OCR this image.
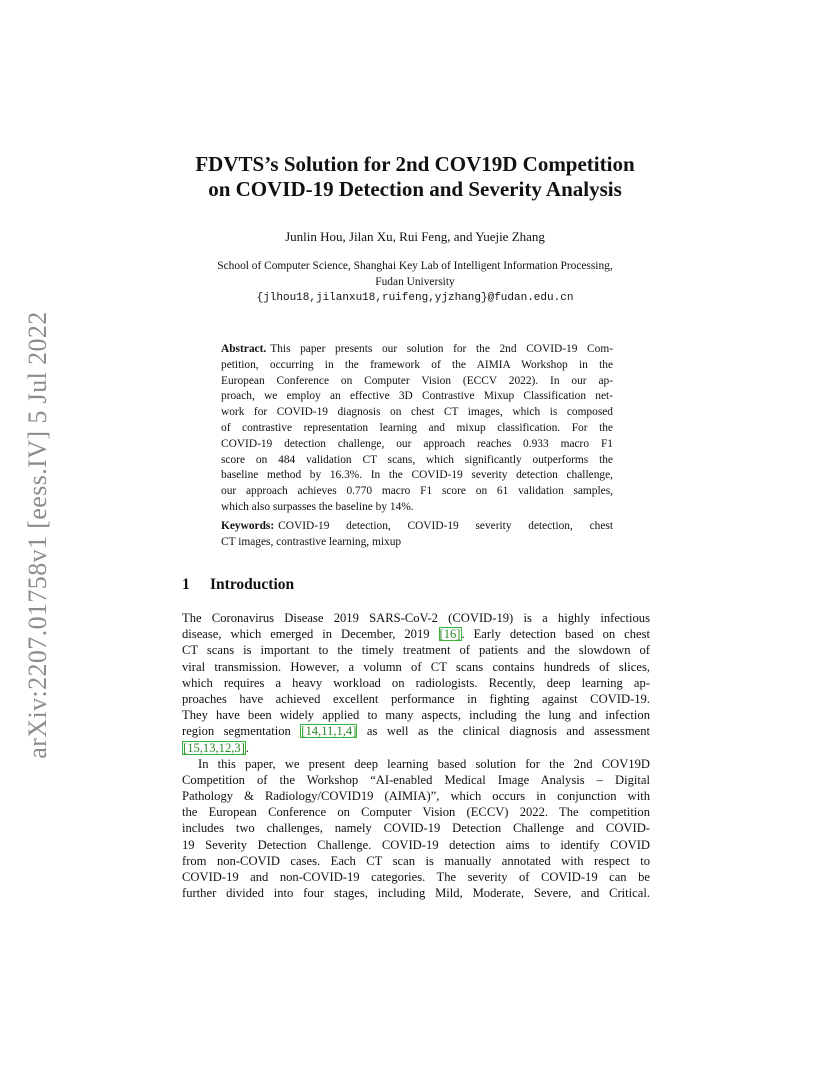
arXiv:2207.01758v1 [eess.IV] 5 Jul 2022
FDVTS’s Solution for 2nd COV19D Competition
on COVID-19 Detection and Severity Analysis
Junlin Hou, Jilan Xu, Rui Feng, and Yuejie Zhang
School of Computer Science, Shanghai Key Lab of Intelligent Information Processing,
Fudan University
{jlhou18,jilanxu18,ruifeng,yjzhang}@fudan.edu.cn
Abstract. This paper presents our solution for the 2nd COVID-19 Com-
petition, occurring in the framework of the AIMIA Workshop in the
European Conference on Computer Vision (ECCV 2022). In our ap-
proach, we employ an effective 3D Contrastive Mixup Classification net-
work for COVID-19 diagnosis on chest CT images, which is composed
of contrastive representation learning and mixup classification. For the
COVID-19 detection challenge, our approach reaches 0.933 macro F1
score on 484 validation CT scans, which significantly outperforms the
baseline method by 16.3%. In the COVID-19 severity detection challenge,
our approach achieves 0.770 macro F1 score on 61 validation samples,
which also surpasses the baseline by 14%.
Keywords: COVID-19 detection, COVID-19 severity detection, chest
CT images, contrastive learning, mixup
1 Introduction
The Coronavirus Disease 2019 SARS-CoV-2 (COVID-19) is a highly infectious
disease, which emerged in December, 2019 [16]. Early detection based on chest
CT scans is important to the timely treatment of patients and the slowdown of
viral transmission. However, a volumn of CT scans contains hundreds of slices,
which requires a heavy workload on radiologists. Recently, deep learning ap-
proaches have achieved excellent performance in fighting against COVID-19.
They have been widely applied to many aspects, including the lung and infection
region segmentation [14,11,1,4] as well as the clinical diagnosis and assessment
[15,13,12,3].
In this paper, we present deep learning based solution for the 2nd COV19D
Competition of the Workshop “AI-enabled Medical Image Analysis – Digital
Pathology & Radiology/COVID19 (AIMIA)”, which occurs in conjunction with
the European Conference on Computer Vision (ECCV) 2022. The competition
includes two challenges, namely COVID-19 Detection Challenge and COVID-
19 Severity Detection Challenge. COVID-19 detection aims to identify COVID
from non-COVID cases. Each CT scan is manually annotated with respect to
COVID-19 and non-COVID-19 categories. The severity of COVID-19 can be
further divided into four stages, including Mild, Moderate, Severe, and Critical.
